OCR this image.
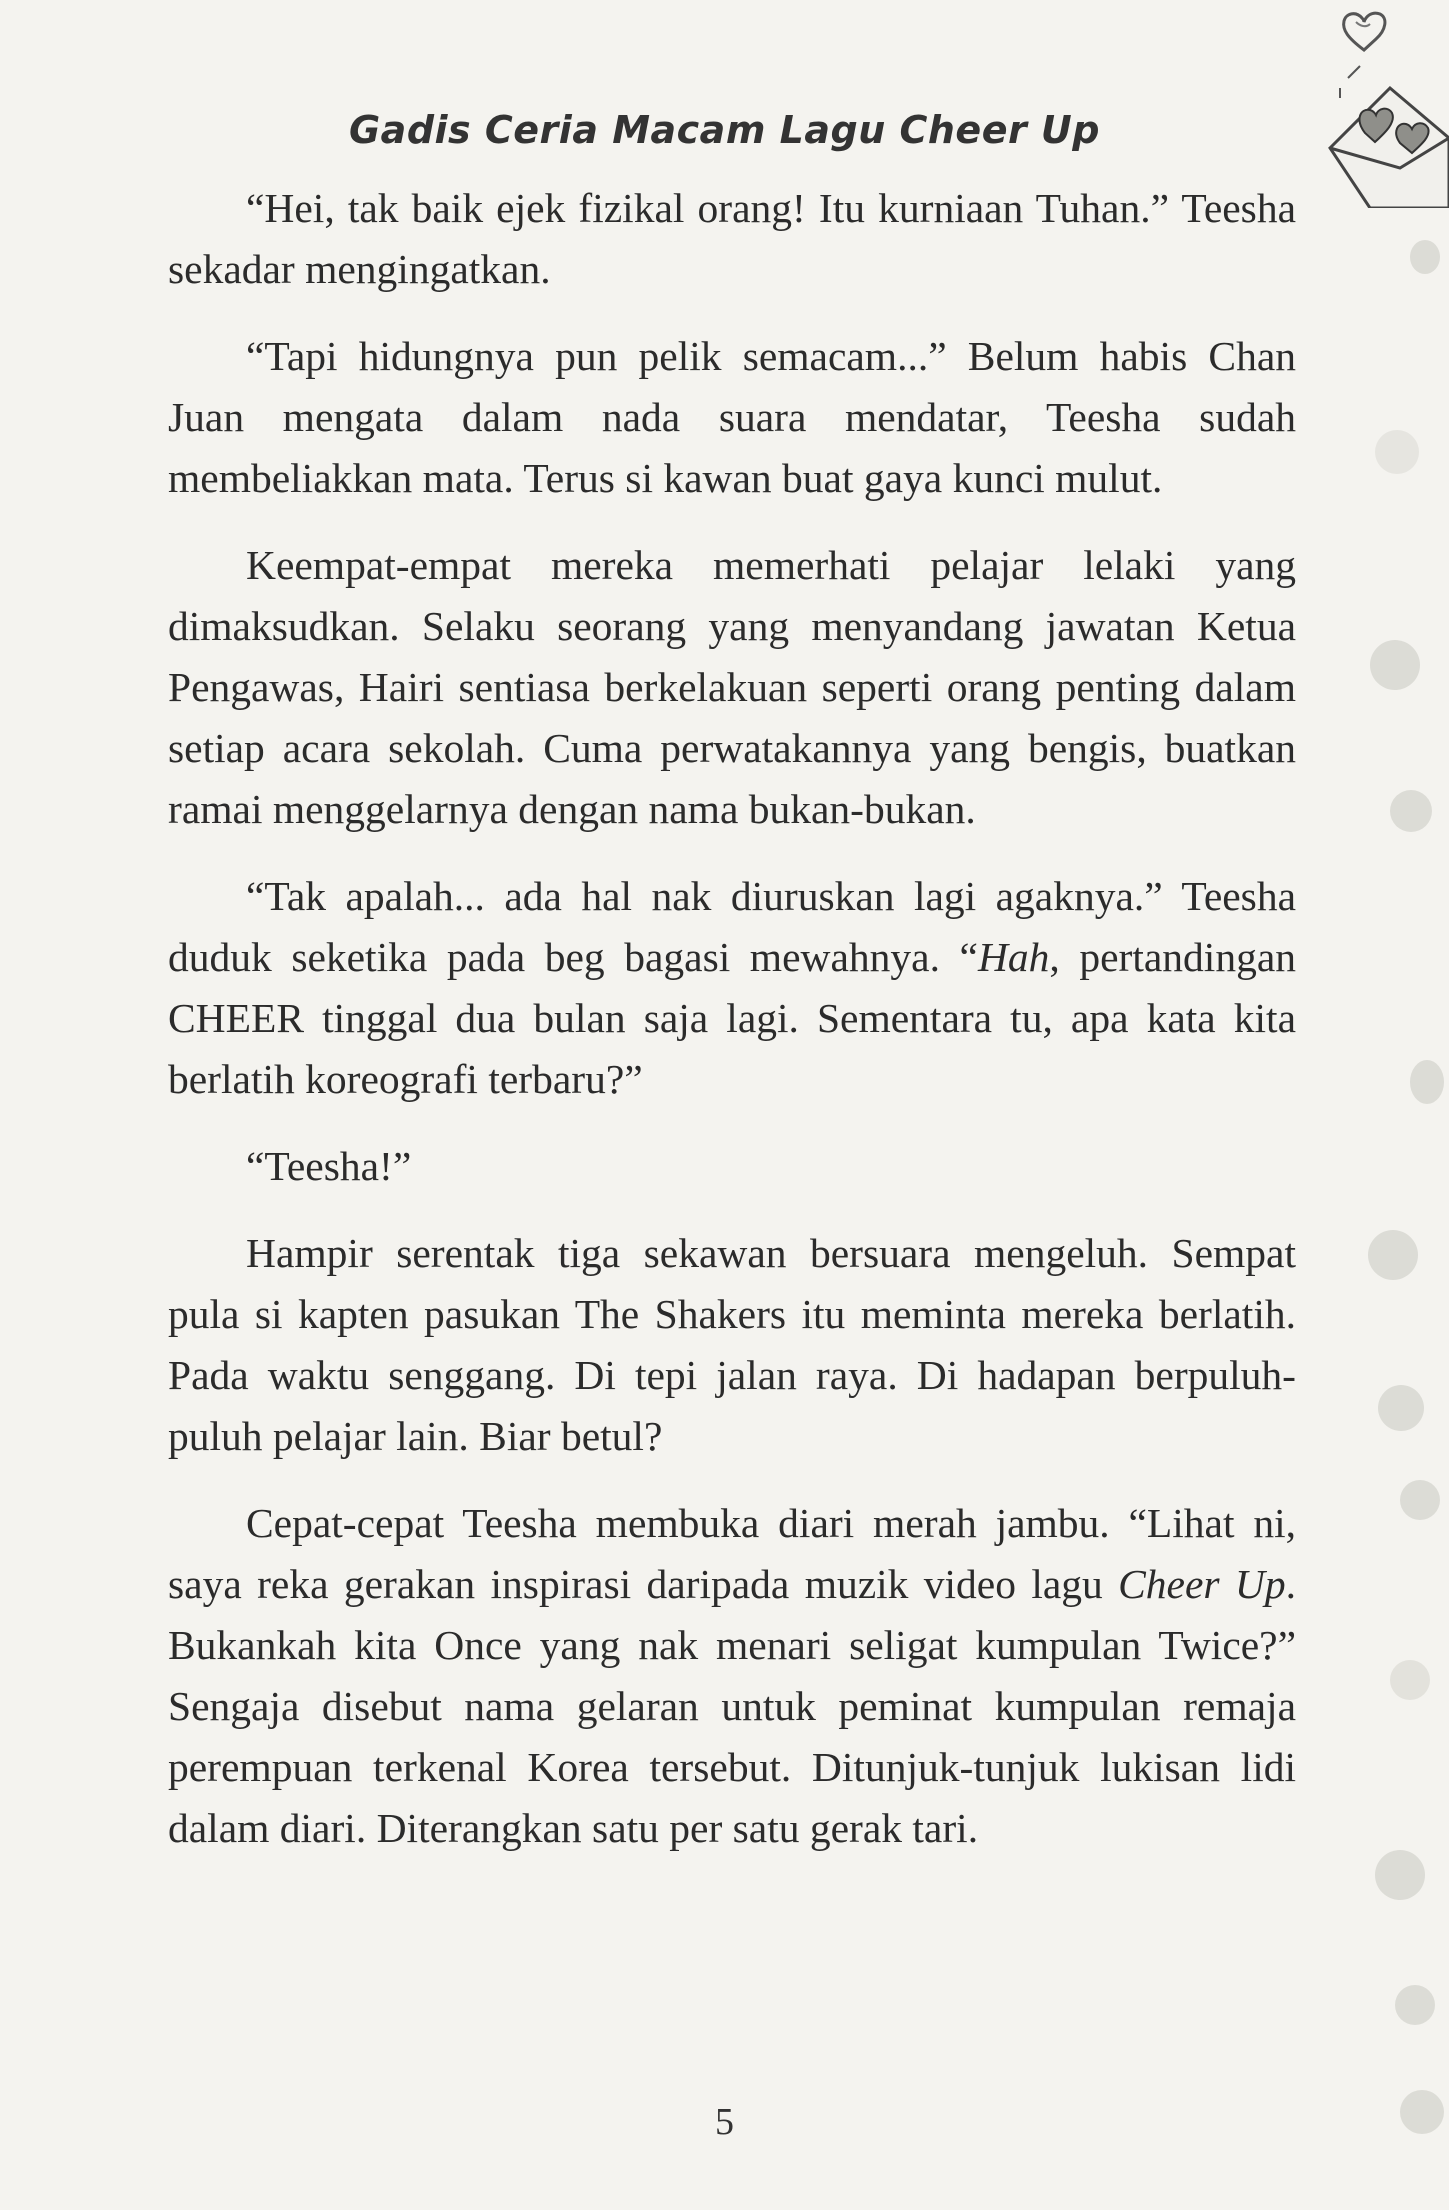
Gadis Ceria Macam Lagu Cheer Up

“Hei, tak baik ejek fizikal orang! Itu kurniaan Tuhan.” Teesha sekadar mengingatkan.

“Tapi hidungnya pun pelik semacam...” Belum habis Chan Juan mengata dalam nada suara mendatar, Teesha sudah membeliakkan mata. Terus si kawan buat gaya kunci mulut.

Keempat-empat mereka memerhati pelajar lelaki yang dimaksudkan. Selaku seorang yang menyandang jawatan Ketua Pengawas, Hairi sentiasa berkelakuan seperti orang penting dalam setiap acara sekolah. Cuma perwatakannya yang bengis, buatkan ramai menggelarnya dengan nama bukan-bukan.

“Tak apalah... ada hal nak diuruskan lagi agaknya.” Teesha duduk seketika pada beg bagasi mewahnya. “Hah, pertandingan CHEER tinggal dua bulan saja lagi. Sementara tu, apa kata kita berlatih koreografi terbaru?”

“Teesha!”

Hampir serentak tiga sekawan bersuara mengeluh. Sempat pula si kapten pasukan The Shakers itu meminta mereka berlatih. Pada waktu senggang. Di tepi jalan raya. Di hadapan berpuluh-puluh pelajar lain. Biar betul?

Cepat-cepat Teesha membuka diari merah jambu. “Lihat ni, saya reka gerakan inspirasi daripada muzik video lagu Cheer Up. Bukankah kita Once yang nak menari seligat kumpulan Twice?” Sengaja disebut nama gelaran untuk peminat kumpulan remaja perempuan terkenal Korea tersebut. Ditunjuk-tunjuk lukisan lidi dalam diari. Diterangkan satu per satu gerak tari.

5
